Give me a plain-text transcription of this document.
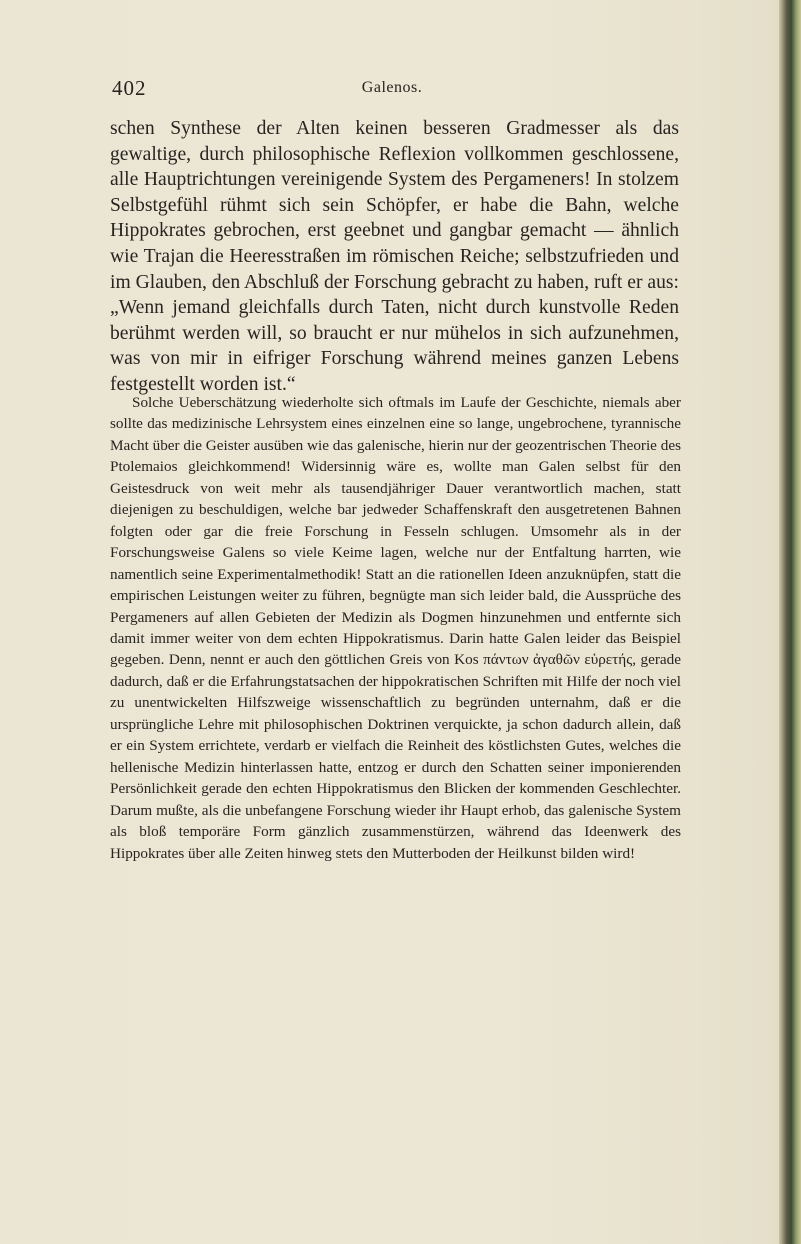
402	Galenos.

schen Synthese der Alten keinen besseren Gradmesser als das gewaltige, durch philosophische Reflexion vollkommen geschlossene, alle Hauptrichtungen vereinigende System des Pergameners! In stolzem Selbstgefühl rühmt sich sein Schöpfer, er habe die Bahn, welche Hippokrates gebrochen, erst geebnet und gangbar gemacht — ähnlich wie Trajan die Heeresstraßen im römischen Reiche; selbstzufrieden und im Glauben, den Abschluß der Forschung gebracht zu haben, ruft er aus: „Wenn jemand gleichfalls durch Taten, nicht durch kunstvolle Reden berühmt werden will, so braucht er nur mühelos in sich aufzunehmen, was von mir in eifriger Forschung während meines ganzen Lebens festgestellt worden ist.“

Solche Ueberschätzung wiederholte sich oftmals im Laufe der Geschichte, niemals aber sollte das medizinische Lehrsystem eines einzelnen eine so lange, ungebrochene, tyrannische Macht über die Geister ausüben wie das galenische, hierin nur der geozentrischen Theorie des Ptolemaios gleichkommend! Widersinnig wäre es, wollte man Galen selbst für den Geistesdruck von weit mehr als tausendjähriger Dauer verantwortlich machen, statt diejenigen zu beschuldigen, welche bar jedweder Schaffenskraft den ausgetretenen Bahnen folgten oder gar die freie Forschung in Fesseln schlugen. Umsomehr als in der Forschungsweise Galens so viele Keime lagen, welche nur der Entfaltung harrten, wie namentlich seine Experimentalmethodik! Statt an die rationellen Ideen anzuknüpfen, statt die empirischen Leistungen weiter zu führen, begnügte man sich leider bald, die Aussprüche des Pergameners auf allen Gebieten der Medizin als Dogmen hinzunehmen und entfernte sich damit immer weiter von dem echten Hippokratismus. Darin hatte Galen leider das Beispiel gegeben. Denn, nennt er auch den göttlichen Greis von Kos πάντων ἀγαθῶν εὑρετής, gerade dadurch, daß er die Erfahrungstatsachen der hippokratischen Schriften mit Hilfe der noch viel zu unentwickelten Hilfszweige wissenschaftlich zu begründen unternahm, daß er die ursprüngliche Lehre mit philosophischen Doktrinen verquickte, ja schon dadurch allein, daß er ein System errichtete, verdarb er vielfach die Reinheit des köstlichsten Gutes, welches die hellenische Medizin hinterlassen hatte, entzog er durch den Schatten seiner imponierenden Persönlichkeit gerade den echten Hippokratismus den Blicken der kommenden Geschlechter. Darum mußte, als die unbefangene Forschung wieder ihr Haupt erhob, das galenische System als bloß temporäre Form gänzlich zusammenstürzen, während das Ideenwerk des Hippokrates über alle Zeiten hinweg stets den Mutterboden der Heilkunst bilden wird!
